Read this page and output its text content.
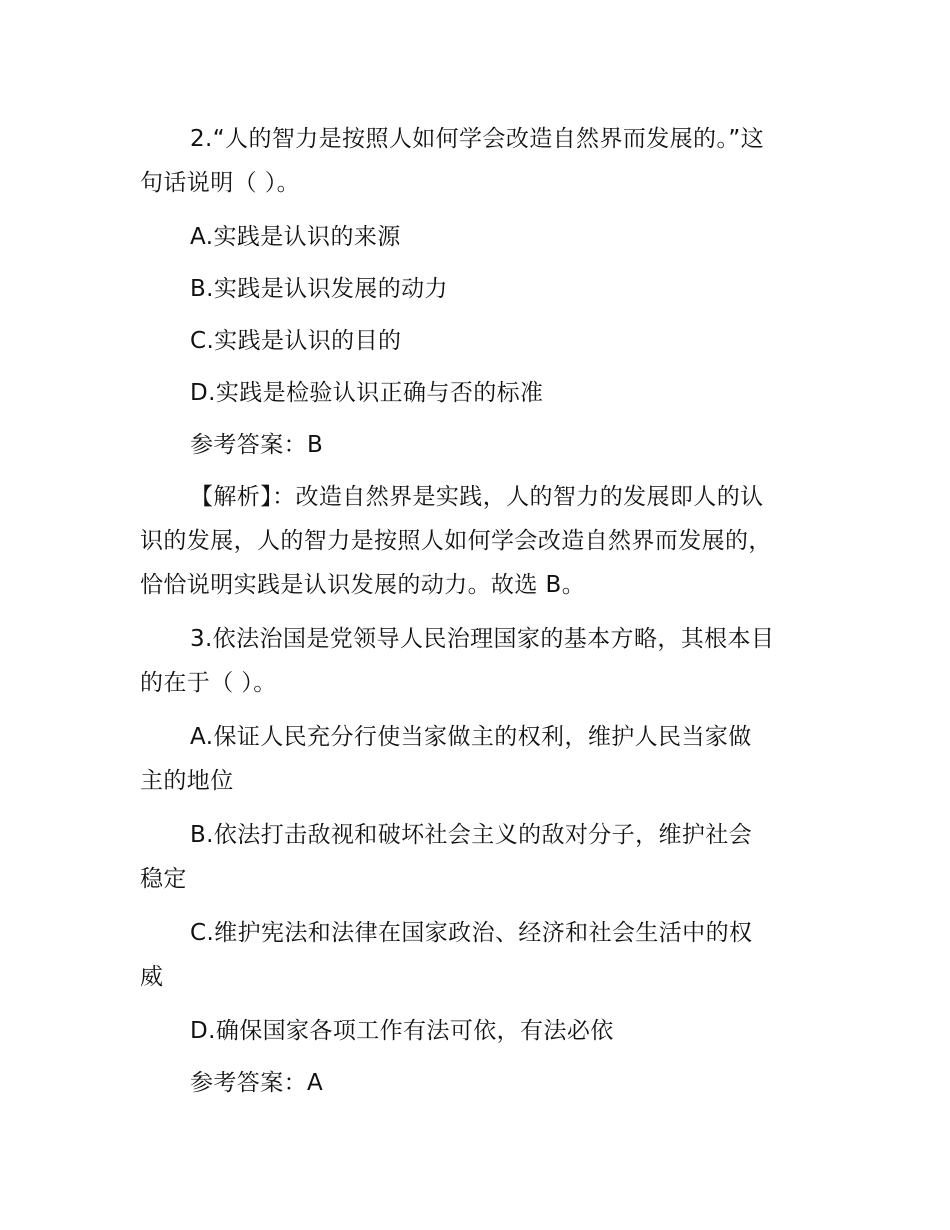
2.“人的智力是按照人如何学会改造自然界而发展的。”这
句话说明（ ）。

A.实践是认识的来源

B.实践是认识发展的动力

C.实践是认识的目的

D.实践是检验认识正确与否的标准

参考答案：B

【解析】：改造自然界是实践，人的智力的发展即人的认
识的发展，人的智力是按照人如何学会改造自然界而发展的，
恰恰说明实践是认识发展的动力。故选 B。

3.依法治国是党领导人民治理国家的基本方略，其根本目
的在于（ ）。

A.保证人民充分行使当家做主的权利，维护人民当家做
主的地位

B.依法打击敌视和破坏社会主义的敌对分子，维护社会
稳定

C.维护宪法和法律在国家政治、经济和社会生活中的权
威

D.确保国家各项工作有法可依，有法必依

参考答案：A
